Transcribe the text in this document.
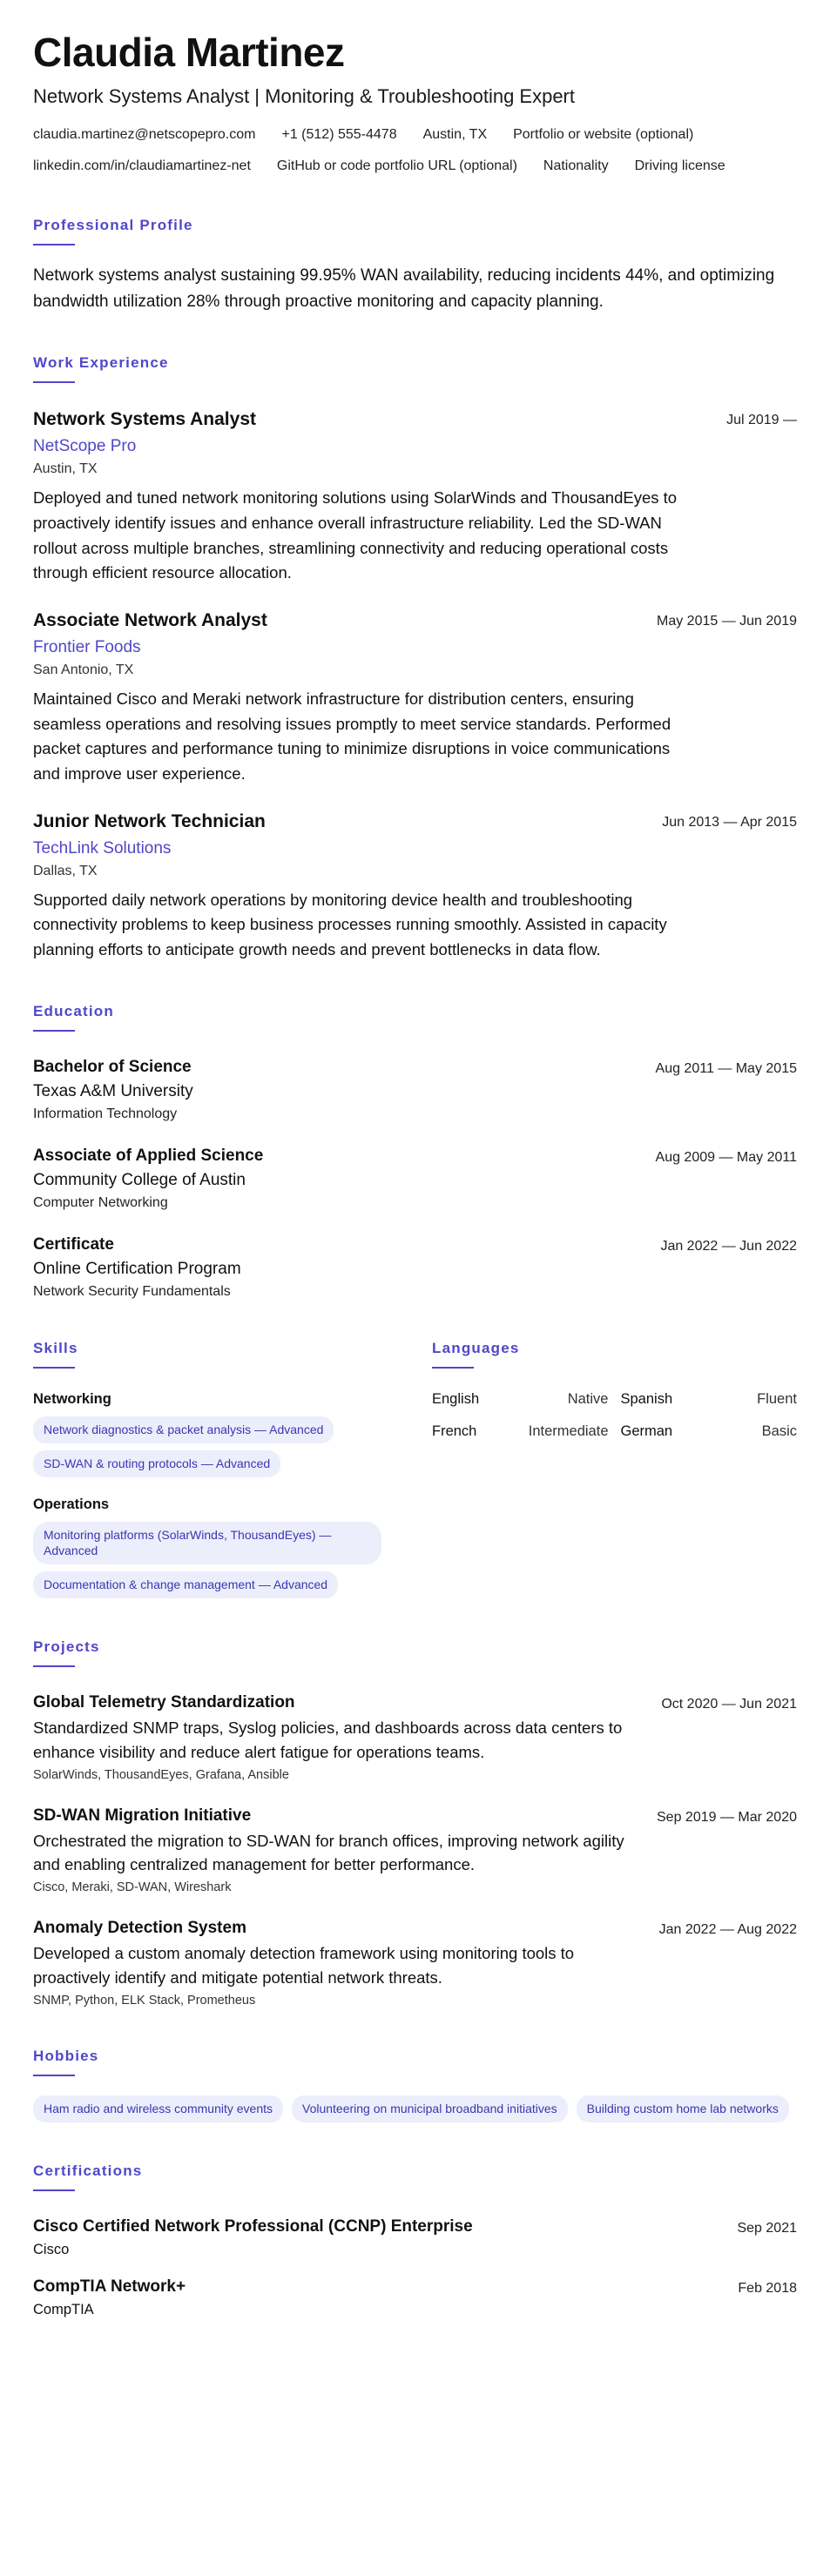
Claudia Martinez
Network Systems Analyst | Monitoring & Troubleshooting Expert
claudia.martinez@netscopepro.com +1 (512) 555-4478 Austin, TX Portfolio or website (optional)
linkedin.com/in/claudiamartinez-net GitHub or code portfolio URL (optional) Nationality Driving license
Professional Profile
Network systems analyst sustaining 99.95% WAN availability, reducing incidents 44%, and optimizing bandwidth utilization 28% through proactive monitoring and capacity planning.
Work Experience
Jul 2019 —
Network Systems Analyst
NetScope Pro
Austin, TX
Deployed and tuned network monitoring solutions using SolarWinds and ThousandEyes to proactively identify issues and enhance overall infrastructure reliability. Led the SD-WAN rollout across multiple branches, streamlining connectivity and reducing operational costs through efficient resource allocation.
May 2015 — Jun 2019
Associate Network Analyst
Frontier Foods
San Antonio, TX
Maintained Cisco and Meraki network infrastructure for distribution centers, ensuring seamless operations and resolving issues promptly to meet service standards. Performed packet captures and performance tuning to minimize disruptions in voice communications and improve user experience.
Jun 2013 — Apr 2015
Junior Network Technician
TechLink Solutions
Dallas, TX
Supported daily network operations by monitoring device health and troubleshooting connectivity problems to keep business processes running smoothly. Assisted in capacity planning efforts to anticipate growth needs and prevent bottlenecks in data flow.
Education
Aug 2011 — May 2015
Bachelor of Science
Texas A&M University
Information Technology
Aug 2009 — May 2011
Associate of Applied Science
Community College of Austin
Computer Networking
Jan 2022 — Jun 2022
Certificate
Online Certification Program
Network Security Fundamentals
Skills
Networking
Network diagnostics & packet analysis — Advanced
SD-WAN & routing protocols — Advanced
Operations
Monitoring platforms (SolarWinds, ThousandEyes) — Advanced
Documentation & change management — Advanced
Languages
English	Native Spanish	Fluent
French	Intermediate German	Basic
Projects
Oct 2020 — Jun 2021
Global Telemetry Standardization
Standardized SNMP traps, Syslog policies, and dashboards across data centers to enhance visibility and reduce alert fatigue for operations teams.
SolarWinds, ThousandEyes, Grafana, Ansible
Sep 2019 — Mar 2020
SD-WAN Migration Initiative
Orchestrated the migration to SD-WAN for branch offices, improving network agility and enabling centralized management for better performance.
Cisco, Meraki, SD-WAN, Wireshark
Jan 2022 — Aug 2022
Anomaly Detection System
Developed a custom anomaly detection framework using monitoring tools to proactively identify and mitigate potential network threats.
SNMP, Python, ELK Stack, Prometheus
Hobbies
Ham radio and wireless community events	Volunteering on municipal broadband initiatives	Building custom home lab networks
Certifications
Sep 2021
Cisco Certified Network Professional (CCNP) Enterprise
Cisco
Feb 2018
CompTIA Network+
CompTIA
